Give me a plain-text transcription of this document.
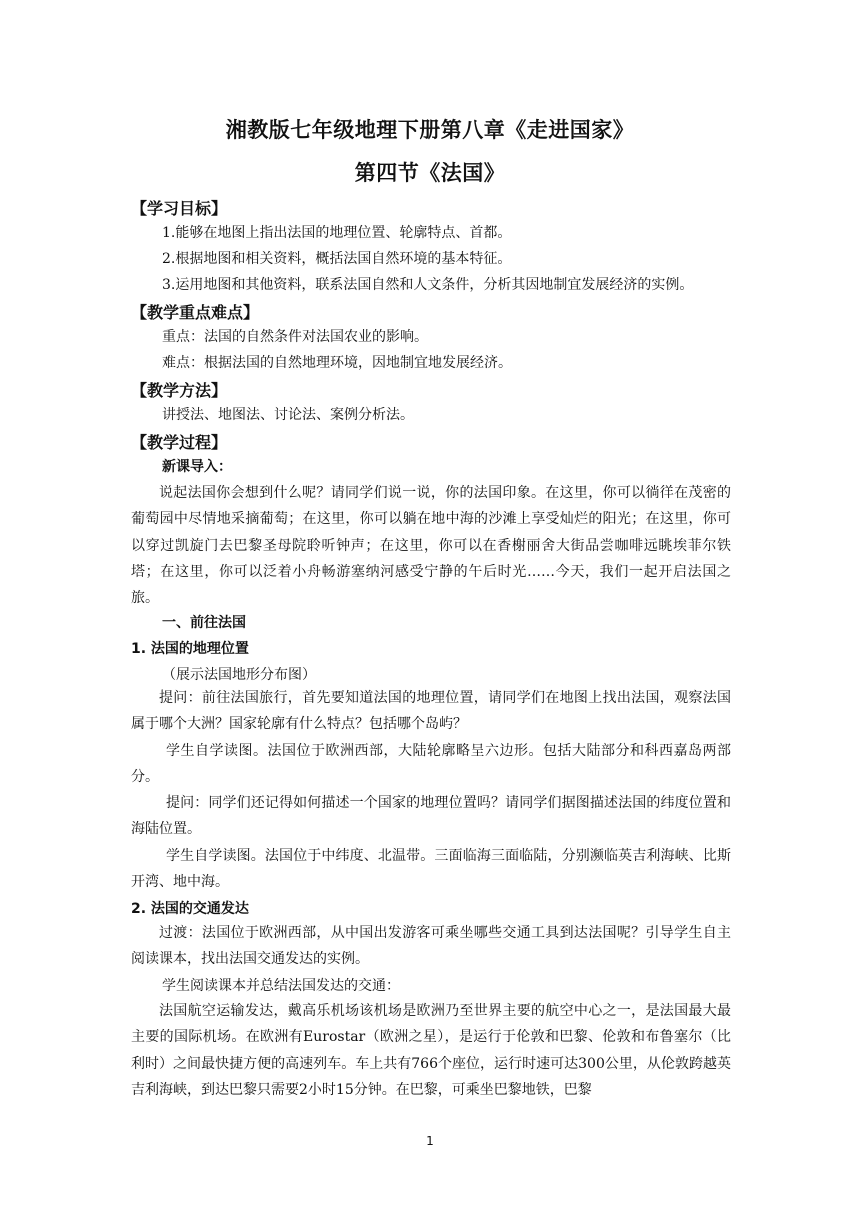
湘教版七年级地理下册第八章《走进国家》
第四节《法国》
【学习目标】
1.能够在地图上指出法国的地理位置、轮廓特点、首都。
2.根据地图和相关资料，概括法国自然环境的基本特征。
3.运用地图和其他资料，联系法国自然和人文条件，分析其因地制宜发展经济的实例。
【教学重点难点】
重点：法国的自然条件对法国农业的影响。
难点：根据法国的自然地理环境，因地制宜地发展经济。
【教学方法】
讲授法、地图法、讨论法、案例分析法。
【教学过程】
新课导入：
说起法国你会想到什么呢？请同学们说一说，你的法国印象。在这里，你可以徜徉在茂密的葡萄园中尽情地采摘葡萄；在这里，你可以躺在地中海的沙滩上享受灿烂的阳光；在这里，你可以穿过凯旋门去巴黎圣母院聆听钟声；在这里，你可以在香榭丽舍大街品尝咖啡远眺埃菲尔铁塔；在这里，你可以泛着小舟畅游塞纳河感受宁静的午后时光……今天，我们一起开启法国之旅。
一、前往法国
1. 法国的地理位置
（展示法国地形分布图）
提问：前往法国旅行，首先要知道法国的地理位置，请同学们在地图上找出法国，观察法国属于哪个大洲？国家轮廓有什么特点？包括哪个岛屿？
学生自学读图。法国位于欧洲西部，大陆轮廓略呈六边形。包括大陆部分和科西嘉岛两部分。
提问：同学们还记得如何描述一个国家的地理位置吗？请同学们据图描述法国的纬度位置和海陆位置。
学生自学读图。法国位于中纬度、北温带。三面临海三面临陆，分别濒临英吉利海峡、比斯开湾、地中海。
2. 法国的交通发达
过渡：法国位于欧洲西部，从中国出发游客可乘坐哪些交通工具到达法国呢？引导学生自主阅读课本，找出法国交通发达的实例。
学生阅读课本并总结法国发达的交通：
法国航空运输发达，戴高乐机场该机场是欧洲乃至世界主要的航空中心之一，是法国最大最主要的国际机场。在欧洲有Eurostar（欧洲之星），是运行于伦敦和巴黎、伦敦和布鲁塞尔（比利时）之间最快捷方便的高速列车。车上共有766个座位，运行时速可达300公里，从伦敦跨越英吉利海峡，到达巴黎只需要2小时15分钟。在巴黎，可乘坐巴黎地铁，巴黎
1
